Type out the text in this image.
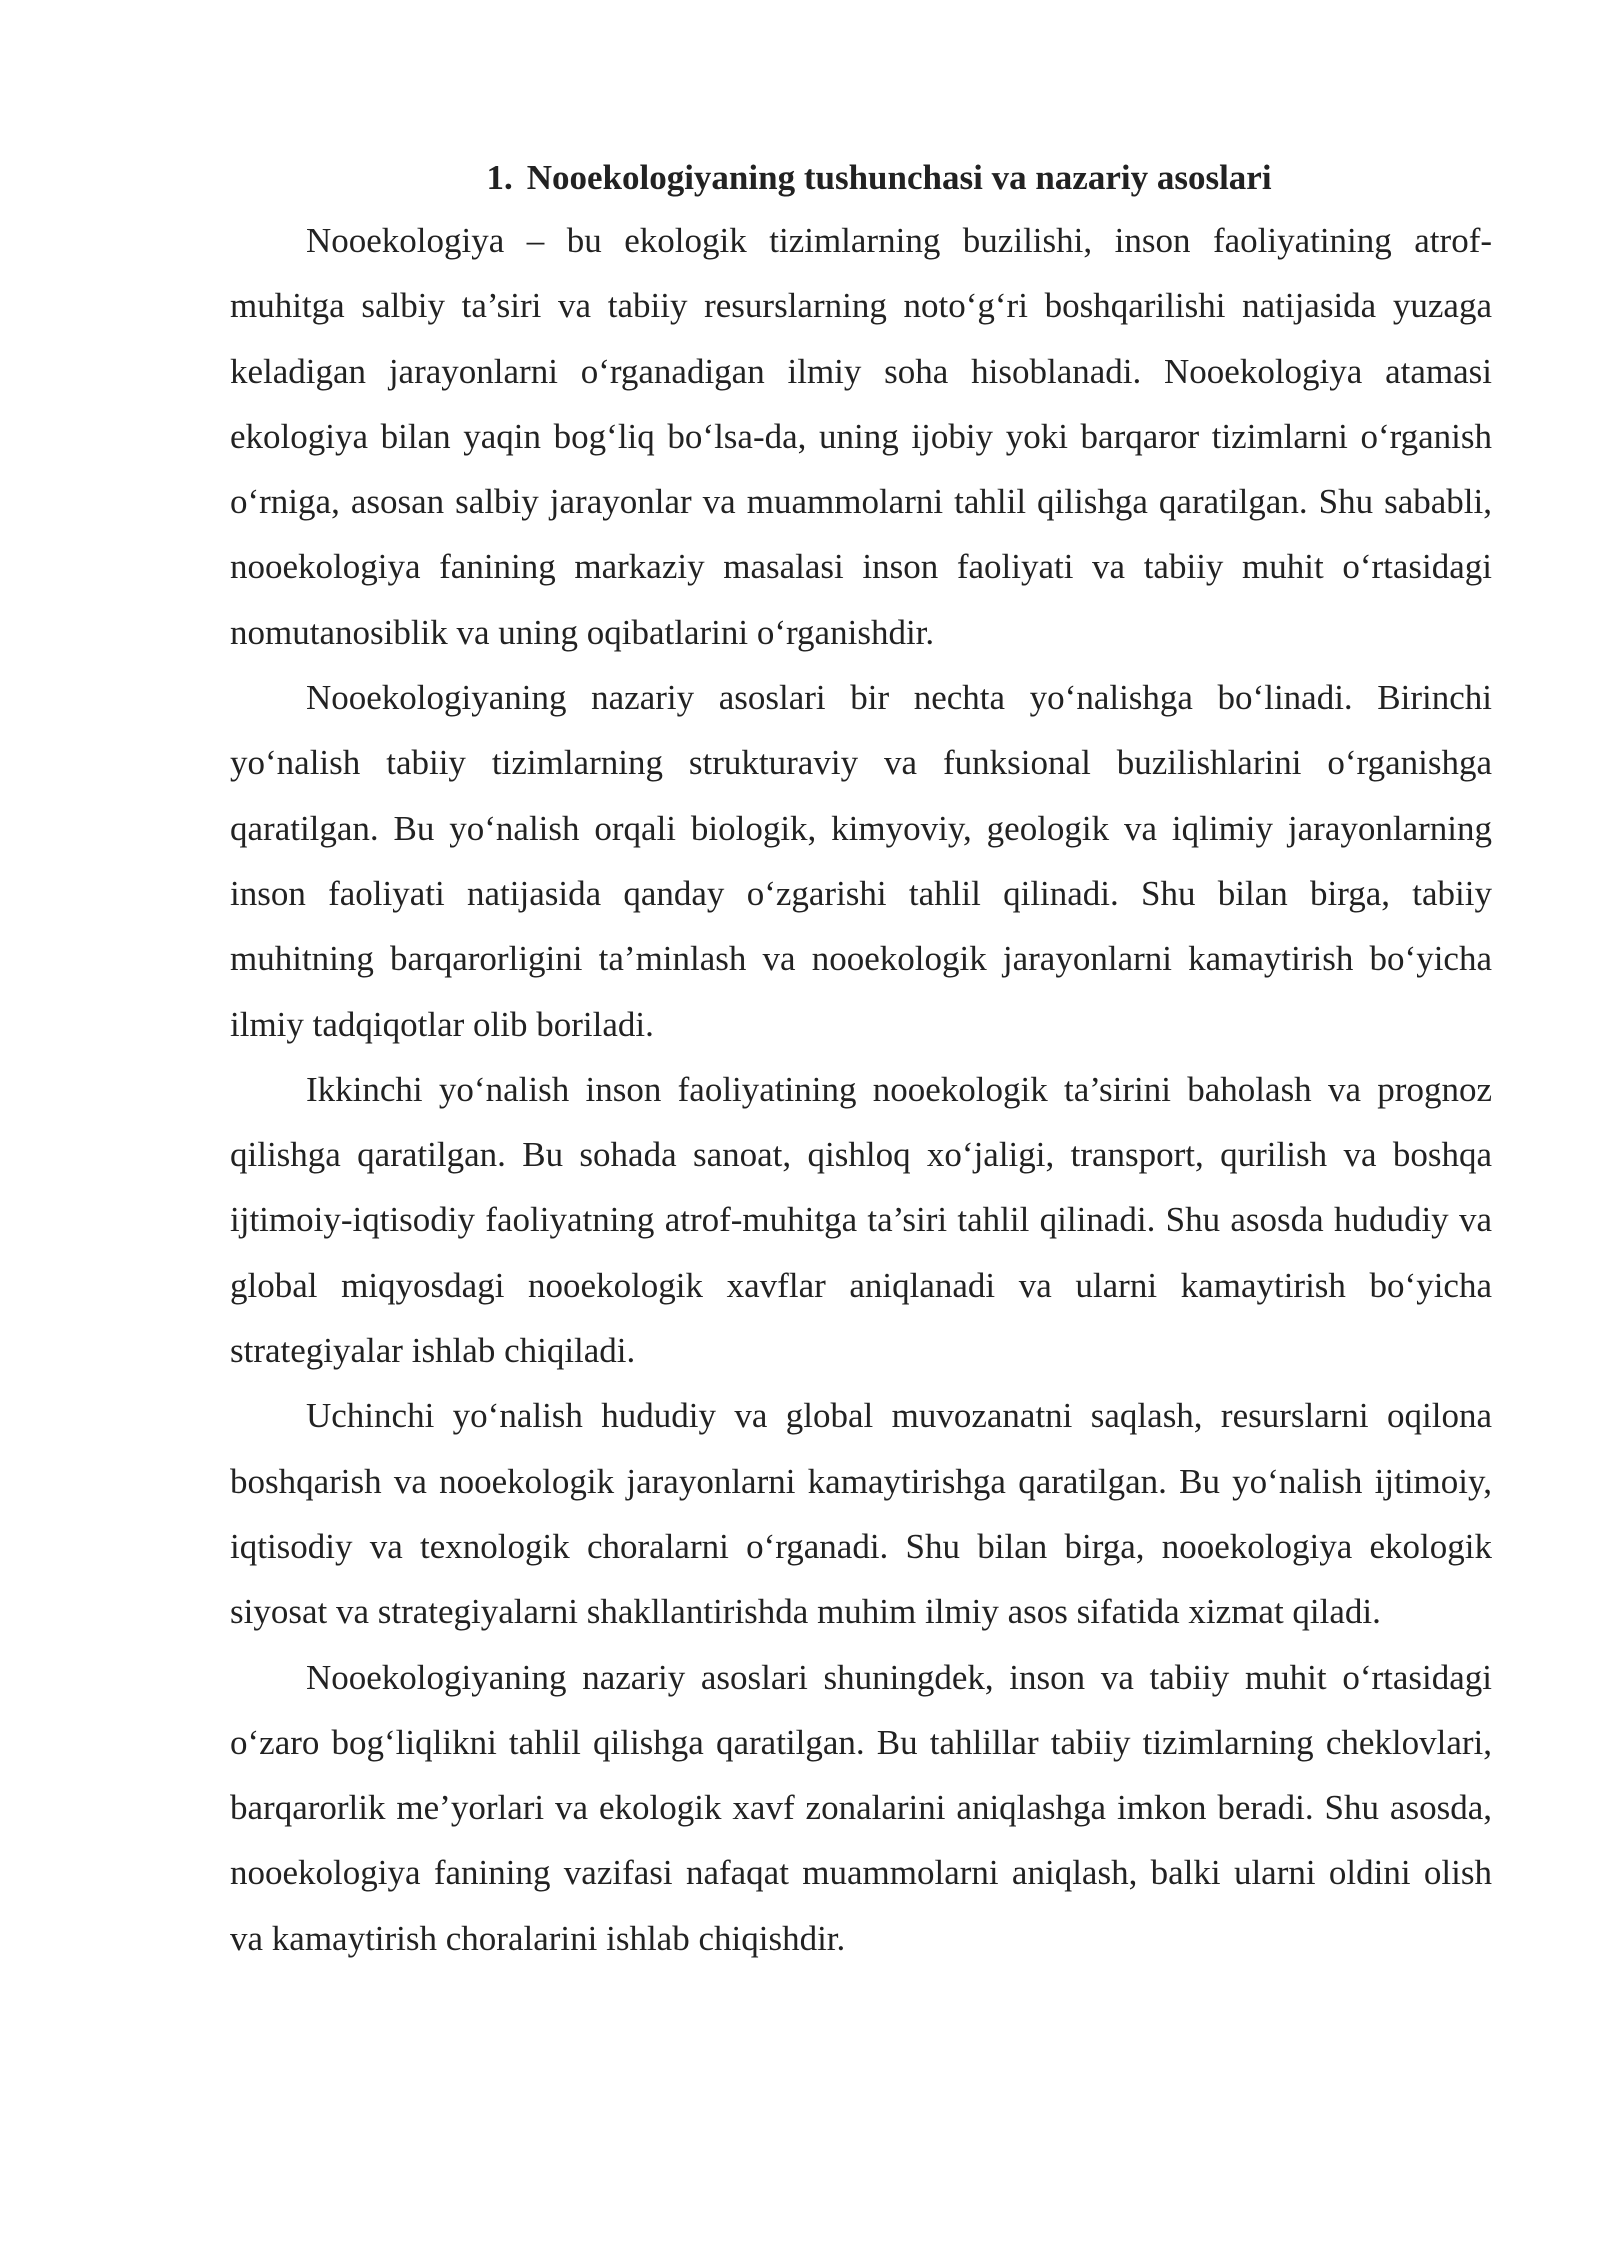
1. Nooekologiyaning tushunchasi va nazariy asoslari

Nooekologiya – bu ekologik tizimlarning buzilishi, inson faoliyatining atrof-muhitga salbiy ta’siri va tabiiy resurslarning noto‘g‘ri boshqarilishi natijasida yuzaga keladigan jarayonlarni o‘rganadigan ilmiy soha hisoblanadi. Nooekologiya atamasi ekologiya bilan yaqin bog‘liq bo‘lsa-da, uning ijobiy yoki barqaror tizimlarni o‘rganish o‘rniga, asosan salbiy jarayonlar va muammolarni tahlil qilishga qaratilgan. Shu sababli, nooekologiya fanining markaziy masalasi inson faoliyati va tabiiy muhit o‘rtasidagi nomutanosiblik va uning oqibatlarini o‘rganishdir.

Nooekologiyaning nazariy asoslari bir nechta yo‘nalishga bo‘linadi. Birinchi yo‘nalish tabiiy tizimlarning strukturaviy va funksional buzilishlarini o‘rganishga qaratilgan. Bu yo‘nalish orqali biologik, kimyoviy, geologik va iqlimiy jarayonlarning inson faoliyati natijasida qanday o‘zgarishi tahlil qilinadi. Shu bilan birga, tabiiy muhitning barqarorligini ta’minlash va nooekologik jarayonlarni kamaytirish bo‘yicha ilmiy tadqiqotlar olib boriladi.

Ikkinchi yo‘nalish inson faoliyatining nooekologik ta’sirini baholash va prognoz qilishga qaratilgan. Bu sohada sanoat, qishloq xo‘jaligi, transport, qurilish va boshqa ijtimoiy-iqtisodiy faoliyatning atrof-muhitga ta’siri tahlil qilinadi. Shu asosda hududiy va global miqyosdagi nooekologik xavflar aniqlanadi va ularni kamaytirish bo‘yicha strategiyalar ishlab chiqiladi.

Uchinchi yo‘nalish hududiy va global muvozanatni saqlash, resurslarni oqilona boshqarish va nooekologik jarayonlarni kamaytirishga qaratilgan. Bu yo‘nalish ijtimoiy, iqtisodiy va texnologik choralarni o‘rganadi. Shu bilan birga, nooekologiya ekologik siyosat va strategiyalarni shakllantirishda muhim ilmiy asos sifatida xizmat qiladi.

Nooekologiyaning nazariy asoslari shuningdek, inson va tabiiy muhit o‘rtasidagi o‘zaro bog‘liqlikni tahlil qilishga qaratilgan. Bu tahlillar tabiiy tizimlarning cheklovlari, barqarorlik me’yorlari va ekologik xavf zonalarini aniqlashga imkon beradi. Shu asosda, nooekologiya fanining vazifasi nafaqat muammolarni aniqlash, balki ularni oldini olish va kamaytirish choralarini ishlab chiqishdir.
